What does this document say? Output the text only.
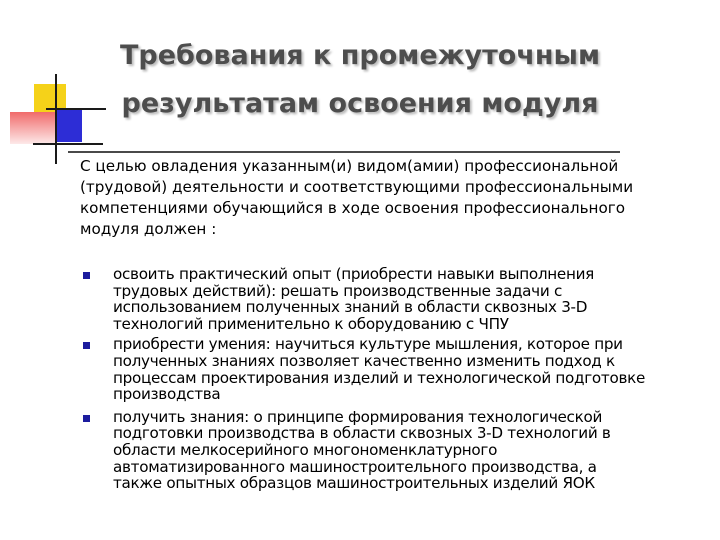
Требования к промежуточным
результатам освоения модуля
С целью овладения указанным(и) видом(амии) профессиональной
(трудовой) деятельности и соответствующими профессиональными
компетенциями обучающийся в ходе освоения профессионального
модуля должен :
освоить практический опыт (приобрести навыки выполнения
трудовых действий): решать производственные задачи с
использованием полученных знаний в области сквозных 3-D
технологий применительно к оборудованию с ЧПУ
приобрести умения: научиться культуре мышления, которое при
полученных знаниях позволяет качественно изменить подход к
процессам проектирования изделий и технологической подготовке
производства
получить знания: о принципе формирования технологической
подготовки производства в области сквозных 3-D технологий в
области мелкосерийного многономенклатурного
автоматизированного машиностроительного производства, а
также опытных образцов машиностроительных изделий ЯОК
